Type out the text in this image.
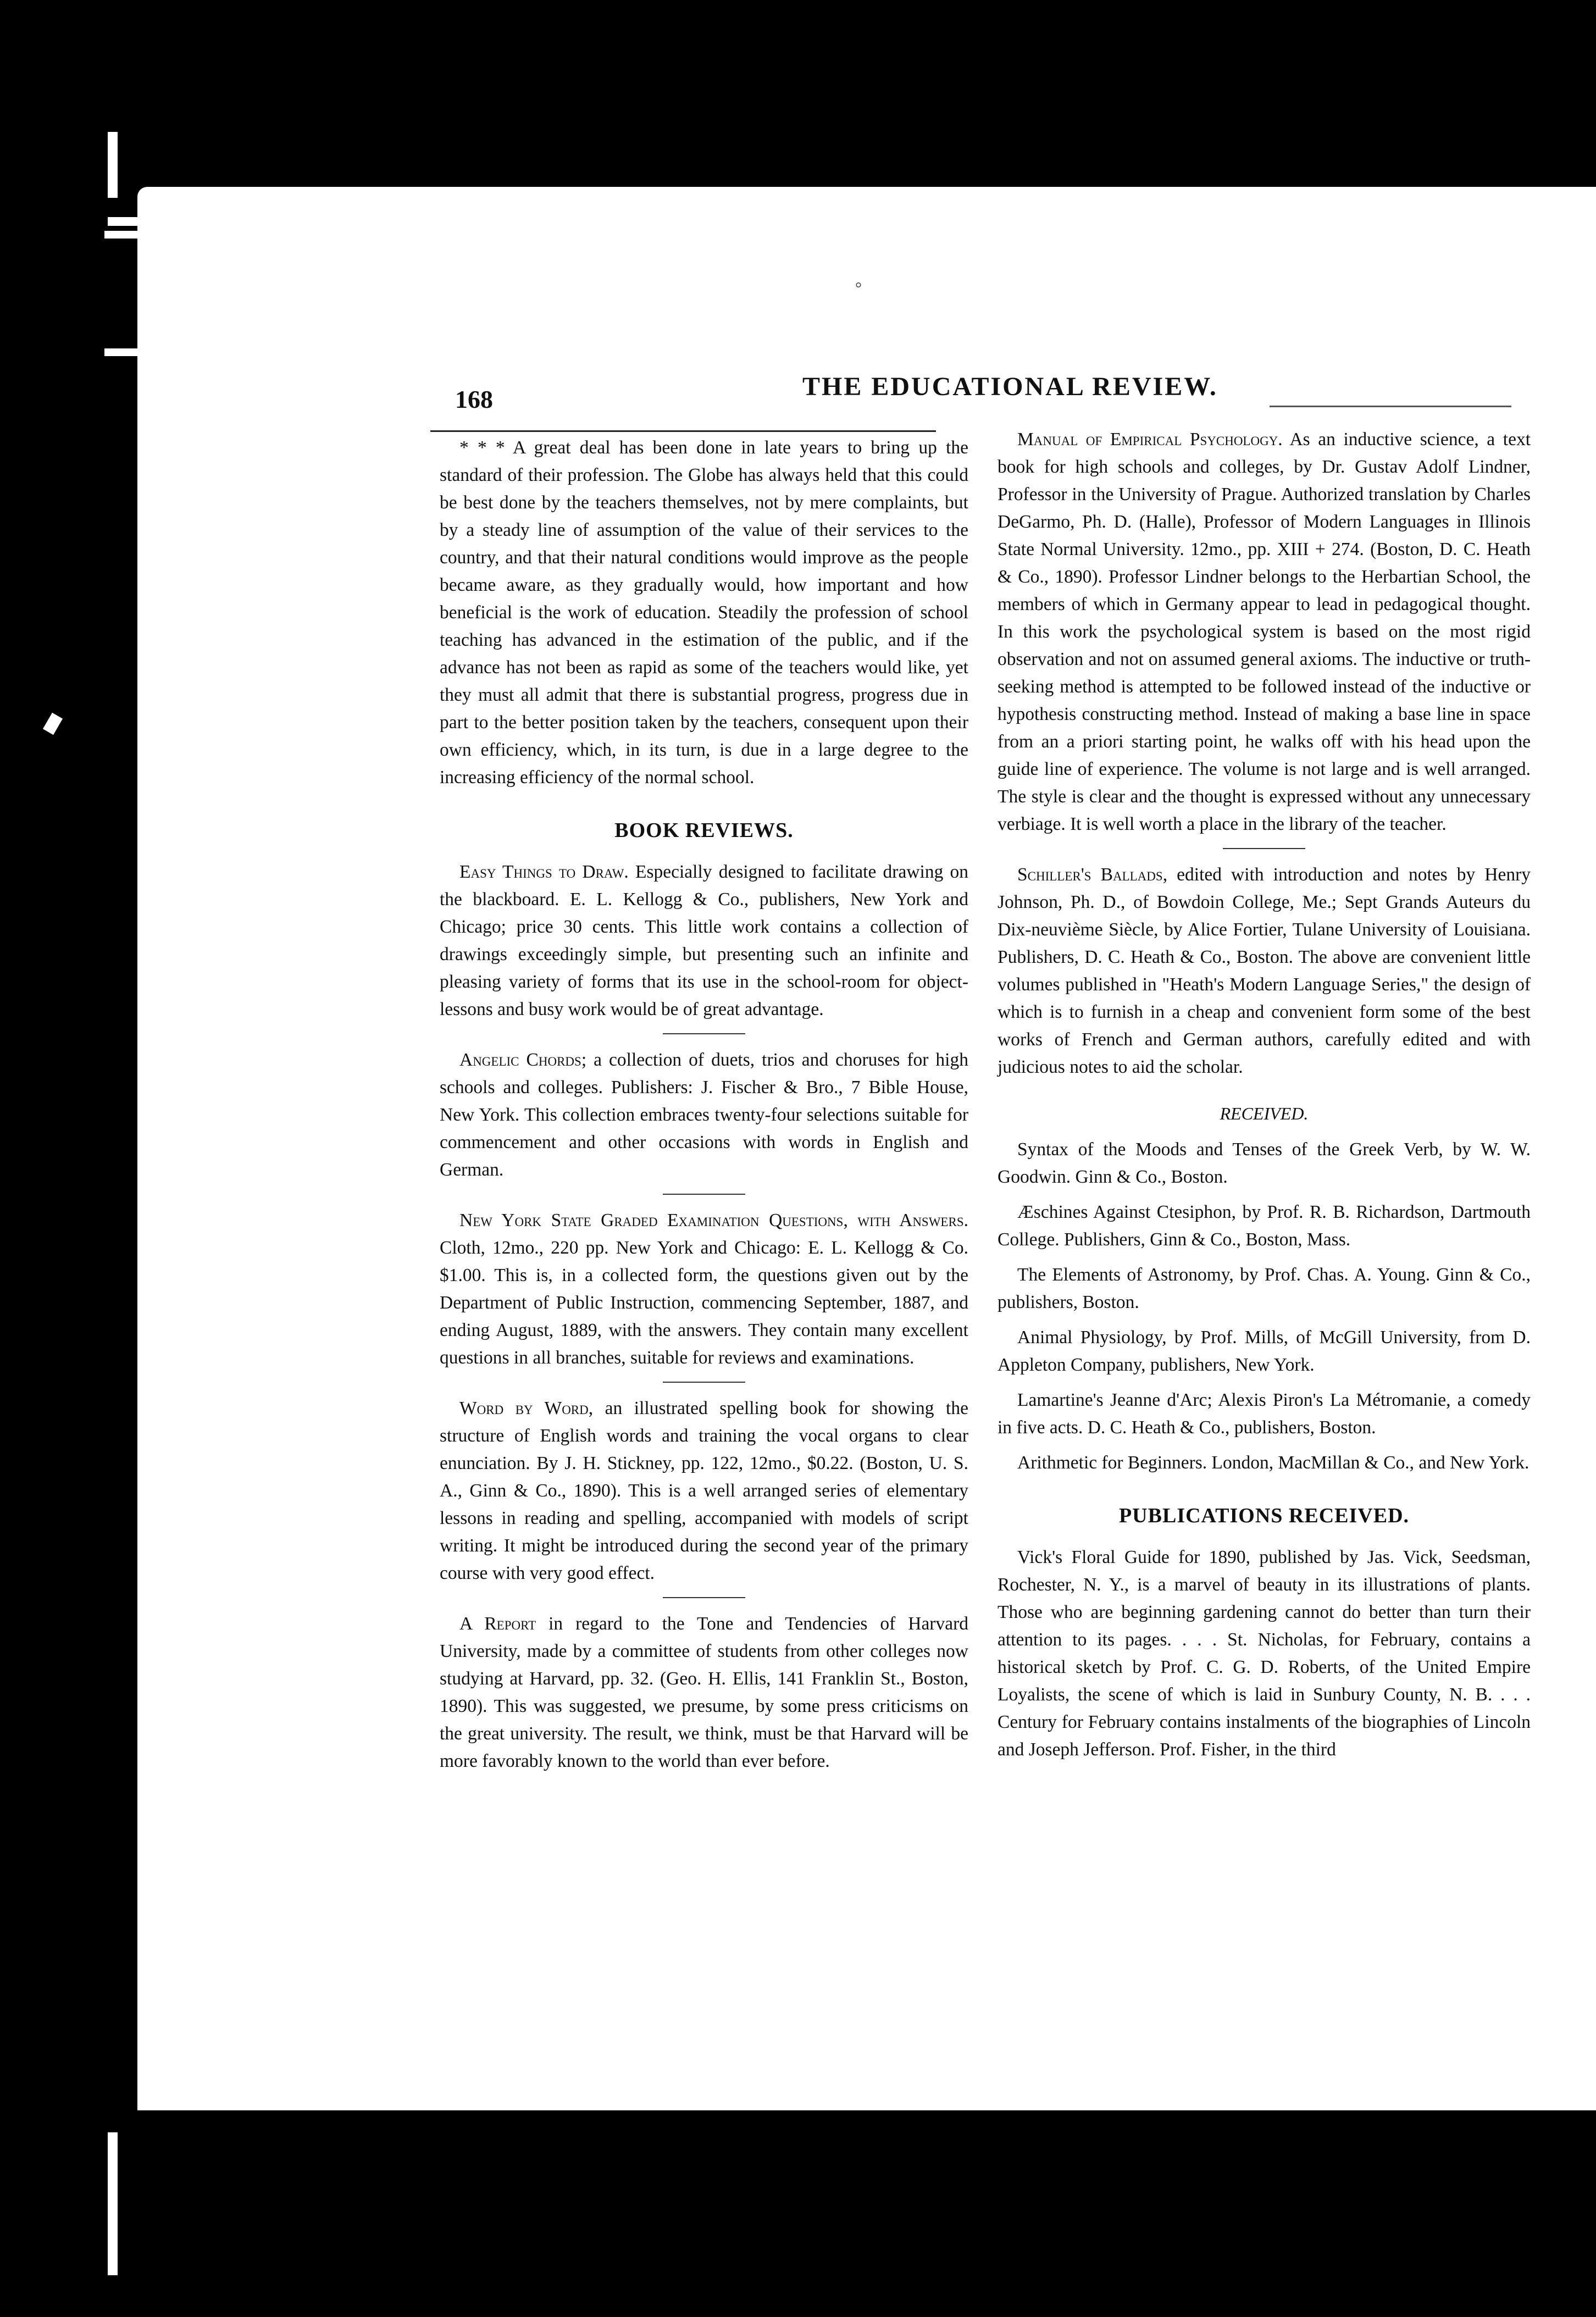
°
168	THE EDUCATIONAL REVIEW.

* * * A great deal has been done in late years to bring up the standard of their profession. The Globe has always held that this could be best done by the teachers themselves, not by mere complaints, but by a steady line of assumption of the value of their services to the country, and that their natural conditions would improve as the people became aware, as they gradually would, how important and how beneficial is the work of education. Steadily the profession of school teaching has advanced in the estimation of the public, and if the advance has not been as rapid as some of the teachers would like, yet they must all admit that there is substantial progress, progress due in part to the better position taken by the teachers, consequent upon their own efficiency, which, in its turn, is due in a large degree to the increasing efficiency of the normal school.

BOOK REVIEWS.

Easy Things to Draw. Especially designed to facilitate drawing on the blackboard. E. L. Kellogg & Co., publishers, New York and Chicago; price 30 cents. This little work contains a collection of drawings exceedingly simple, but presenting such an infinite and pleasing variety of forms that its use in the school-room for object-lessons and busy work would be of great advantage.

Angelic Chords; a collection of duets, trios and choruses for high schools and colleges. Publishers: J. Fischer & Bro., 7 Bible House, New York. This collection embraces twenty-four selections suitable for commencement and other occasions with words in English and German.

New York State Graded Examination Questions, with Answers. Cloth, 12mo., 220 pp. New York and Chicago: E. L. Kellogg & Co. $1.00. This is, in a collected form, the questions given out by the Department of Public Instruction, commencing September, 1887, and ending August, 1889, with the answers. They contain many excellent questions in all branches, suitable for reviews and examinations.

Word by Word, an illustrated spelling book for showing the structure of English words and training the vocal organs to clear enunciation. By J. H. Stickney, pp. 122, 12mo., $0.22. (Boston, U. S. A., Ginn & Co., 1890). This is a well arranged series of elementary lessons in reading and spelling, accompanied with models of script writing. It might be introduced during the second year of the primary course with very good effect.

A Report in regard to the Tone and Tendencies of Harvard University, made by a committee of students from other colleges now studying at Harvard, pp. 32. (Geo. H. Ellis, 141 Franklin St., Boston, 1890). This was suggested, we presume, by some press criticisms on the great university. The result, we think, must be that Harvard will be more favorably known to the world than ever before.

Manual of Empirical Psychology. As an inductive science, a text book for high schools and colleges, by Dr. Gustav Adolf Lindner, Professor in the University of Prague. Authorized translation by Charles DeGarmo, Ph. D. (Halle), Professor of Modern Languages in Illinois State Normal University. 12mo., pp. XIII + 274. (Boston, D. C. Heath & Co., 1890). Professor Lindner belongs to the Herbartian School, the members of which in Germany appear to lead in pedagogical thought. In this work the psychological system is based on the most rigid observation and not on assumed general axioms. The inductive or truth-seeking method is attempted to be followed instead of the inductive or hypothesis constructing method. Instead of making a base line in space from an a priori starting point, he walks off with his head upon the guide line of experience. The volume is not large and is well arranged. The style is clear and the thought is expressed without any unnecessary verbiage. It is well worth a place in the library of the teacher.

Schiller's Ballads, edited with introduction and notes by Henry Johnson, Ph. D., of Bowdoin College, Me.; Sept Grands Auteurs du Dix-neuvième Siècle, by Alice Fortier, Tulane University of Louisiana. Publishers, D. C. Heath & Co., Boston. The above are convenient little volumes published in "Heath's Modern Language Series," the design of which is to furnish in a cheap and convenient form some of the best works of French and German authors, carefully edited and with judicious notes to aid the scholar.

RECEIVED.

Syntax of the Moods and Tenses of the Greek Verb, by W. W. Goodwin. Ginn & Co., Boston.

Æschines Against Ctesiphon, by Prof. R. B. Richardson, Dartmouth College. Publishers, Ginn & Co., Boston, Mass.

The Elements of Astronomy, by Prof. Chas. A. Young. Ginn & Co., publishers, Boston.

Animal Physiology, by Prof. Mills, of McGill University, from D. Appleton Company, publishers, New York.

Lamartine's Jeanne d'Arc; Alexis Piron's La Métromanie, a comedy in five acts. D. C. Heath & Co., publishers, Boston.

Arithmetic for Beginners. London, MacMillan & Co., and New York.

PUBLICATIONS RECEIVED.

Vick's Floral Guide for 1890, published by Jas. Vick, Seedsman, Rochester, N. Y., is a marvel of beauty in its illustrations of plants. Those who are beginning gardening cannot do better than turn their attention to its pages. . . . St. Nicholas, for February, contains a historical sketch by Prof. C. G. D. Roberts, of the United Empire Loyalists, the scene of which is laid in Sunbury County, N. B. . . . Century for February contains instalments of the biographies of Lincoln and Joseph Jefferson. Prof. Fisher, in the third
